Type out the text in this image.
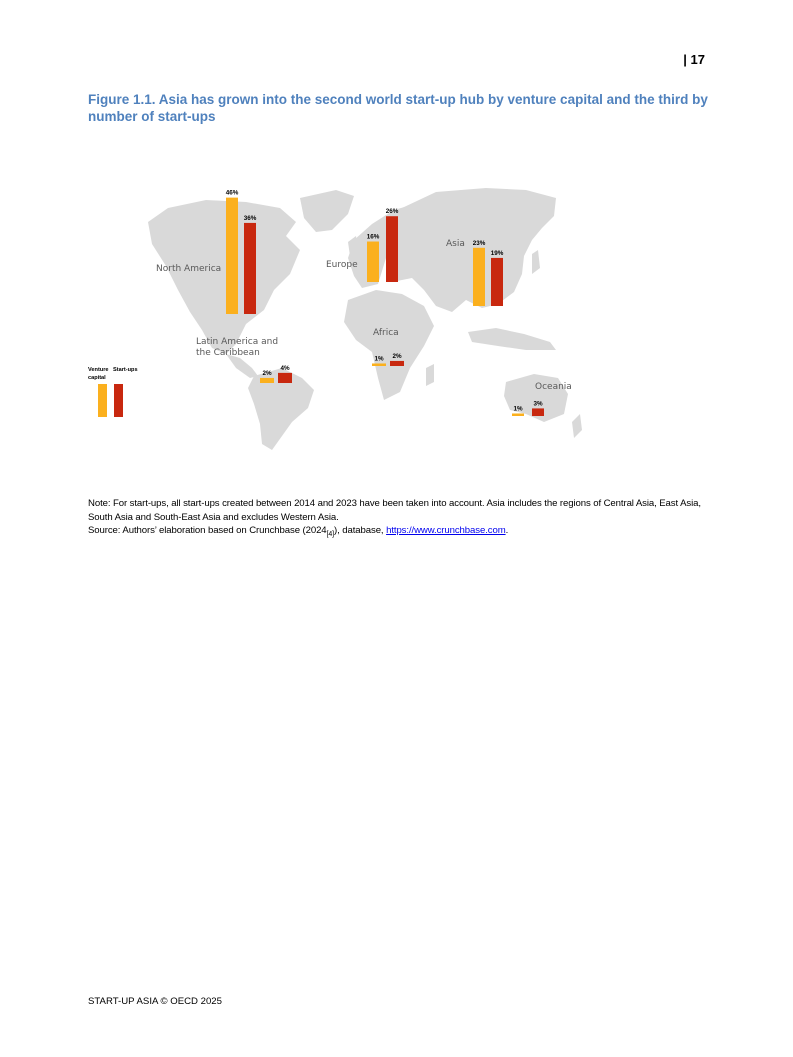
| 17
Figure 1.1. Asia has grown into the second world start-up hub by venture capital and the third by number of start-ups
46%
36%
North America
16%
26%
Europe
23%
19%
Asia
2%
4%
Latin America and
the Caribbean
1% 2%
Africa
1%
3%
Oceania
Venture
capital
Start-ups
Note: For start-ups, all start-ups created between 2014 and 2023 have been taken into account. Asia includes the regions of Central Asia, East Asia, South Asia and South-East Asia and excludes Western Asia.
Source: Authors’ elaboration based on Crunchbase $(2024_{[4]})$, database, https://www.crunchbase.com.
START-UP ASIA © OECD 2025
